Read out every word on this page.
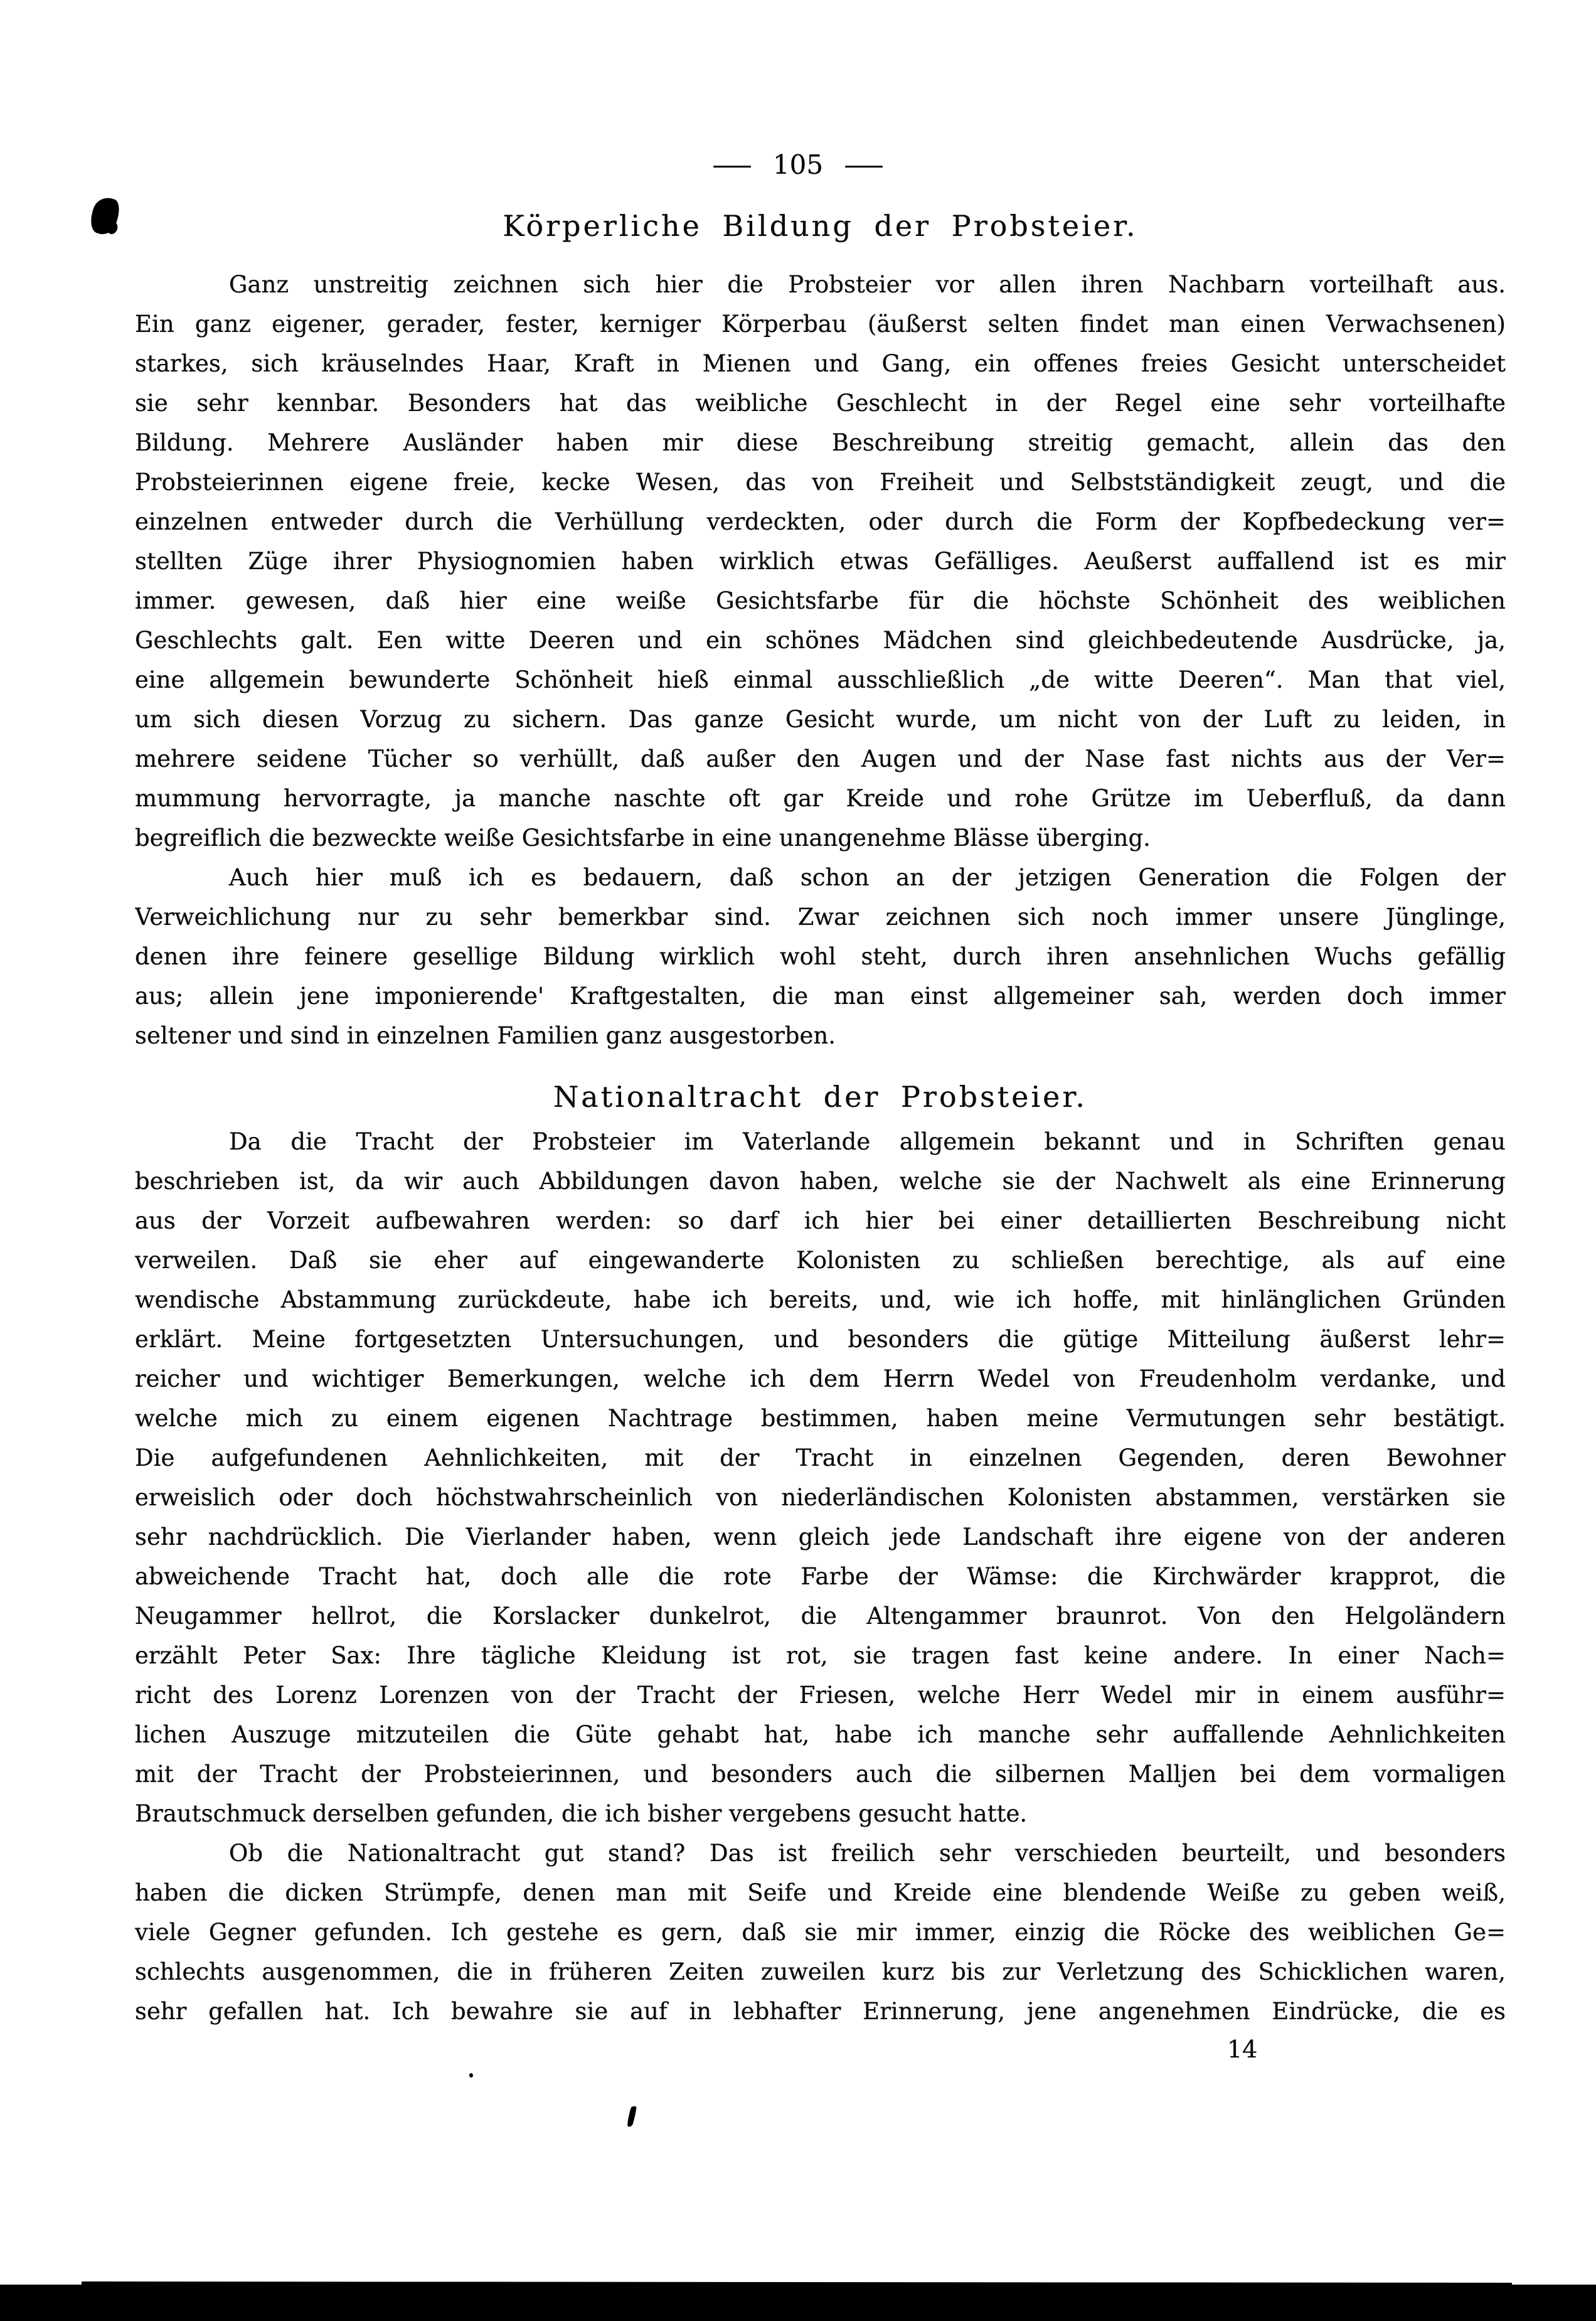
— 105 —
Körperliche Bildung der Probsteier.
Ganz unstreitig zeichnen sich hier die Probsteier vor allen ihren Nachbarn vorteilhaft aus.
Ein ganz eigener, gerader, fester, kerniger Körperbau (äußerst selten findet man einen Verwachsenen)
starkes, sich kräuselndes Haar, Kraft in Mienen und Gang, ein offenes freies Gesicht unterscheidet
sie sehr kennbar. Besonders hat das weibliche Geschlecht in der Regel eine sehr vorteilhafte
Bildung. Mehrere Ausländer haben mir diese Beschreibung streitig gemacht, allein das den
Probsteierinnen eigene freie, kecke Wesen, das von Freiheit und Selbstständigkeit zeugt, und die
einzelnen entweder durch die Verhüllung verdeckten, oder durch die Form der Kopfbedeckung ver=
stellten Züge ihrer Physiognomien haben wirklich etwas Gefälliges. Aeußerst auffallend ist es mir
immer. gewesen, daß hier eine weiße Gesichtsfarbe für die höchste Schönheit des weiblichen
Geschlechts galt. Een witte Deeren und ein schönes Mädchen sind gleichbedeutende Ausdrücke, ja,
eine allgemein bewunderte Schönheit hieß einmal ausschließlich „de witte Deeren“. Man that viel,
um sich diesen Vorzug zu sichern. Das ganze Gesicht wurde, um nicht von der Luft zu leiden, in
mehrere seidene Tücher so verhüllt, daß außer den Augen und der Nase fast nichts aus der Ver=
mummung hervorragte, ja manche naschte oft gar Kreide und rohe Grütze im Ueberfluß, da dann
begreiflich die bezweckte weiße Gesichtsfarbe in eine unangenehme Blässe überging.
Auch hier muß ich es bedauern, daß schon an der jetzigen Generation die Folgen der
Verweichlichung nur zu sehr bemerkbar sind. Zwar zeichnen sich noch immer unsere Jünglinge,
denen ihre feinere gesellige Bildung wirklich wohl steht, durch ihren ansehnlichen Wuchs gefällig
aus; allein jene imponierende' Kraftgestalten, die man einst allgemeiner sah, werden doch immer
seltener und sind in einzelnen Familien ganz ausgestorben.
Nationaltracht der Probsteier.
Da die Tracht der Probsteier im Vaterlande allgemein bekannt und in Schriften genau
beschrieben ist, da wir auch Abbildungen davon haben, welche sie der Nachwelt als eine Erinnerung
aus der Vorzeit aufbewahren werden: so darf ich hier bei einer detaillierten Beschreibung nicht
verweilen. Daß sie eher auf eingewanderte Kolonisten zu schließen berechtige, als auf eine
wendische Abstammung zurückdeute, habe ich bereits, und, wie ich hoffe, mit hinlänglichen Gründen
erklärt. Meine fortgesetzten Untersuchungen, und besonders die gütige Mitteilung äußerst lehr=
reicher und wichtiger Bemerkungen, welche ich dem Herrn Wedel von Freudenholm verdanke, und
welche mich zu einem eigenen Nachtrage bestimmen, haben meine Vermutungen sehr bestätigt.
Die aufgefundenen Aehnlichkeiten, mit der Tracht in einzelnen Gegenden, deren Bewohner
erweislich oder doch höchstwahrscheinlich von niederländischen Kolonisten abstammen, verstärken sie
sehr nachdrücklich. Die Vierlander haben, wenn gleich jede Landschaft ihre eigene von der anderen
abweichende Tracht hat, doch alle die rote Farbe der Wämse: die Kirchwärder krapprot, die
Neugammer hellrot, die Korslacker dunkelrot, die Altengammer braunrot. Von den Helgoländern
erzählt Peter Sax: Ihre tägliche Kleidung ist rot, sie tragen fast keine andere. In einer Nach=
richt des Lorenz Lorenzen von der Tracht der Friesen, welche Herr Wedel mir in einem ausführ=
lichen Auszuge mitzuteilen die Güte gehabt hat, habe ich manche sehr auffallende Aehnlichkeiten
mit der Tracht der Probsteierinnen, und besonders auch die silbernen Malljen bei dem vormaligen
Brautschmuck derselben gefunden, die ich bisher vergebens gesucht hatte.
Ob die Nationaltracht gut stand? Das ist freilich sehr verschieden beurteilt, und besonders
haben die dicken Strümpfe, denen man mit Seife und Kreide eine blendende Weiße zu geben weiß,
viele Gegner gefunden. Ich gestehe es gern, daß sie mir immer, einzig die Röcke des weiblichen Ge=
schlechts ausgenommen, die in früheren Zeiten zuweilen kurz bis zur Verletzung des Schicklichen waren,
sehr gefallen hat. Ich bewahre sie auf in lebhafter Erinnerung, jene angenehmen Eindrücke, die es
14
